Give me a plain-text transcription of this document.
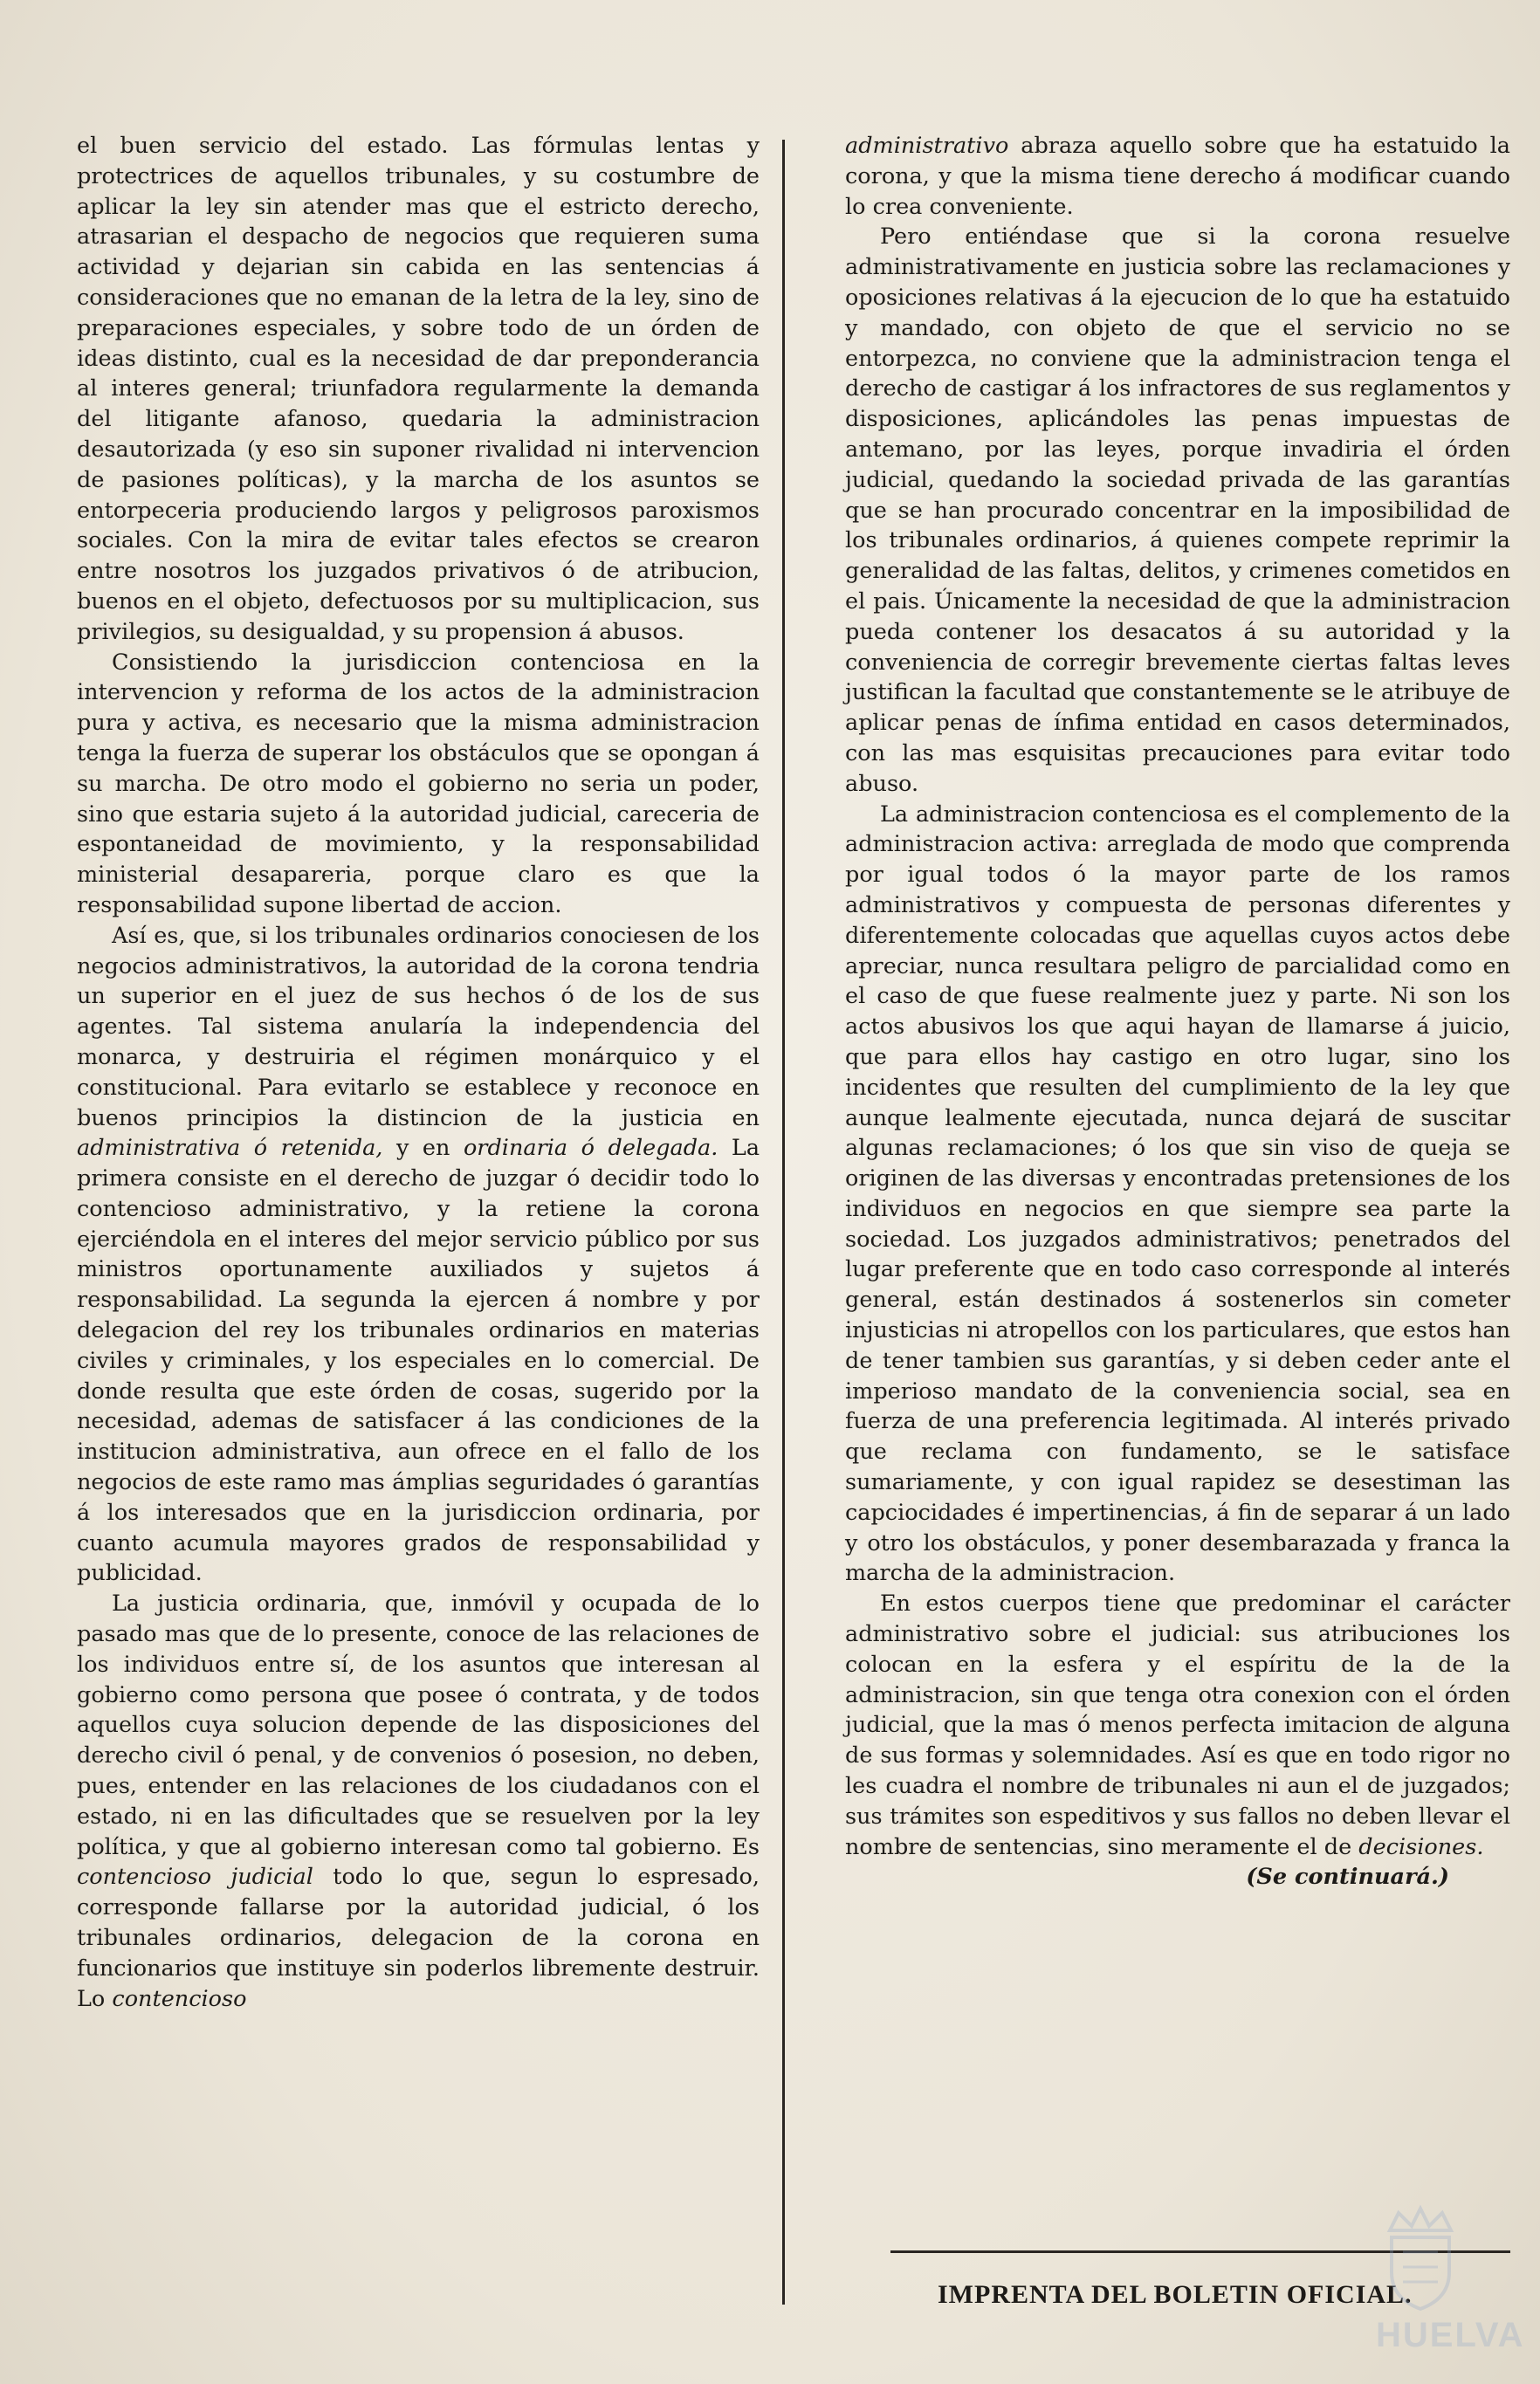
el buen servicio del estado. Las fórmulas lentas y protectrices de aquellos tribunales, y su costumbre de aplicar la ley sin atender mas que el estricto derecho, atrasarian el despacho de negocios que requieren suma actividad y dejarian sin cabida en las sentencias á consideraciones que no emanan de la letra de la ley, sino de preparaciones especiales, y sobre todo de un órden de ideas distinto, cual es la necesidad de dar preponderancia al interes general; triunfadora regularmente la demanda del litigante afanoso, quedaria la administracion desautorizada (y eso sin suponer rivalidad ni intervencion de pasiones políticas), y la marcha de los asuntos se entorpeceria produciendo largos y peligrosos paroxismos sociales. Con la mira de evitar tales efectos se crearon entre nosotros los juzgados privativos ó de atribucion, buenos en el objeto, defectuosos por su multiplicacion, sus privilegios, su desigualdad, y su propension á abusos.

Consistiendo la jurisdiccion contenciosa en la intervencion y reforma de los actos de la administracion pura y activa, es necesario que la misma administracion tenga la fuerza de superar los obstáculos que se opongan á su marcha. De otro modo el gobierno no seria un poder, sino que estaria sujeto á la autoridad judicial, careceria de espontaneidad de movimiento, y la responsabilidad ministerial desapareria, porque claro es que la responsabilidad supone libertad de accion.

Así es, que, si los tribunales ordinarios conociesen de los negocios administrativos, la autoridad de la corona tendria un superior en el juez de sus hechos ó de los de sus agentes. Tal sistema anularía la independencia del monarca, y destruiria el régimen monárquico y el constitucional. Para evitarlo se establece y reconoce en buenos principios la distincion de la justicia en administrativa ó retenida, y en ordinaria ó delegada. La primera consiste en el derecho de juzgar ó decidir todo lo contencioso administrativo, y la retiene la corona ejerciéndola en el interes del mejor servicio público por sus ministros oportunamente auxiliados y sujetos á responsabilidad. La segunda la ejercen á nombre y por delegacion del rey los tribunales ordinarios en materias civiles y criminales, y los especiales en lo comercial. De donde resulta que este órden de cosas, sugerido por la necesidad, ademas de satisfacer á las condiciones de la institucion administrativa, aun ofrece en el fallo de los negocios de este ramo mas ámplias seguridades ó garantías á los interesados que en la jurisdiccion ordinaria, por cuanto acumula mayores grados de responsabilidad y publicidad.

La justicia ordinaria, que, inmóvil y ocupada de lo pasado mas que de lo presente, conoce de las relaciones de los individuos entre sí, de los asuntos que interesan al gobierno como persona que posee ó contrata, y de todos aquellos cuya solucion depende de las disposiciones del derecho civil ó penal, y de convenios ó posesion, no deben, pues, entender en las relaciones de los ciudadanos con el estado, ni en las dificultades que se resuelven por la ley política, y que al gobierno interesan como tal gobierno. Es contencioso judicial todo lo que, segun lo espresado, corresponde fallarse por la autoridad judicial, ó los tribunales ordinarios, delegacion de la corona en funcionarios que instituye sin poderlos libremente destruir. Lo contencioso

administrativo abraza aquello sobre que ha estatuido la corona, y que la misma tiene derecho á modificar cuando lo crea conveniente.

Pero entiéndase que si la corona resuelve administrativamente en justicia sobre las reclamaciones y oposiciones relativas á la ejecucion de lo que ha estatuido y mandado, con objeto de que el servicio no se entorpezca, no conviene que la administracion tenga el derecho de castigar á los infractores de sus reglamentos y disposiciones, aplicándoles las penas impuestas de antemano, por las leyes, porque invadiria el órden judicial, quedando la sociedad privada de las garantías que se han procurado concentrar en la imposibilidad de los tribunales ordinarios, á quienes compete reprimir la generalidad de las faltas, delitos, y crimenes cometidos en el pais. Únicamente la necesidad de que la administracion pueda contener los desacatos á su autoridad y la conveniencia de corregir brevemente ciertas faltas leves justifican la facultad que constantemente se le atribuye de aplicar penas de ínfima entidad en casos determinados, con las mas esquisitas precauciones para evitar todo abuso.

La administracion contenciosa es el complemento de la administracion activa: arreglada de modo que comprenda por igual todos ó la mayor parte de los ramos administrativos y compuesta de personas diferentes y diferentemente colocadas que aquellas cuyos actos debe apreciar, nunca resultara peligro de parcialidad como en el caso de que fuese realmente juez y parte. Ni son los actos abusivos los que aqui hayan de llamarse á juicio, que para ellos hay castigo en otro lugar, sino los incidentes que resulten del cumplimiento de la ley que aunque lealmente ejecutada, nunca dejará de suscitar algunas reclamaciones; ó los que sin viso de queja se originen de las diversas y encontradas pretensiones de los individuos en negocios en que siempre sea parte la sociedad. Los juzgados administrativos; penetrados del lugar preferente que en todo caso corresponde al interés general, están destinados á sostenerlos sin cometer injusticias ni atropellos con los particulares, que estos han de tener tambien sus garantías, y si deben ceder ante el imperioso mandato de la conveniencia social, sea en fuerza de una preferencia legitimada. Al interés privado que reclama con fundamento, se le satisface sumariamente, y con igual rapidez se desestiman las capciocidades é impertinencias, á fin de separar á un lado y otro los obstáculos, y poner desembarazada y franca la marcha de la administracion.

En estos cuerpos tiene que predominar el carácter administrativo sobre el judicial: sus atribuciones los colocan en la esfera y el espíritu de la de la administracion, sin que tenga otra conexion con el órden judicial, que la mas ó menos perfecta imitacion de alguna de sus formas y solemnidades. Así es que en todo rigor no les cuadra el nombre de tribunales ni aun el de juzgados; sus trámites son espeditivos y sus fallos no deben llevar el nombre de sentencias, sino meramente el de decisiones.

(Se continuará.)

IMPRENTA DEL BOLETIN OFICIAL.
HUELVA
